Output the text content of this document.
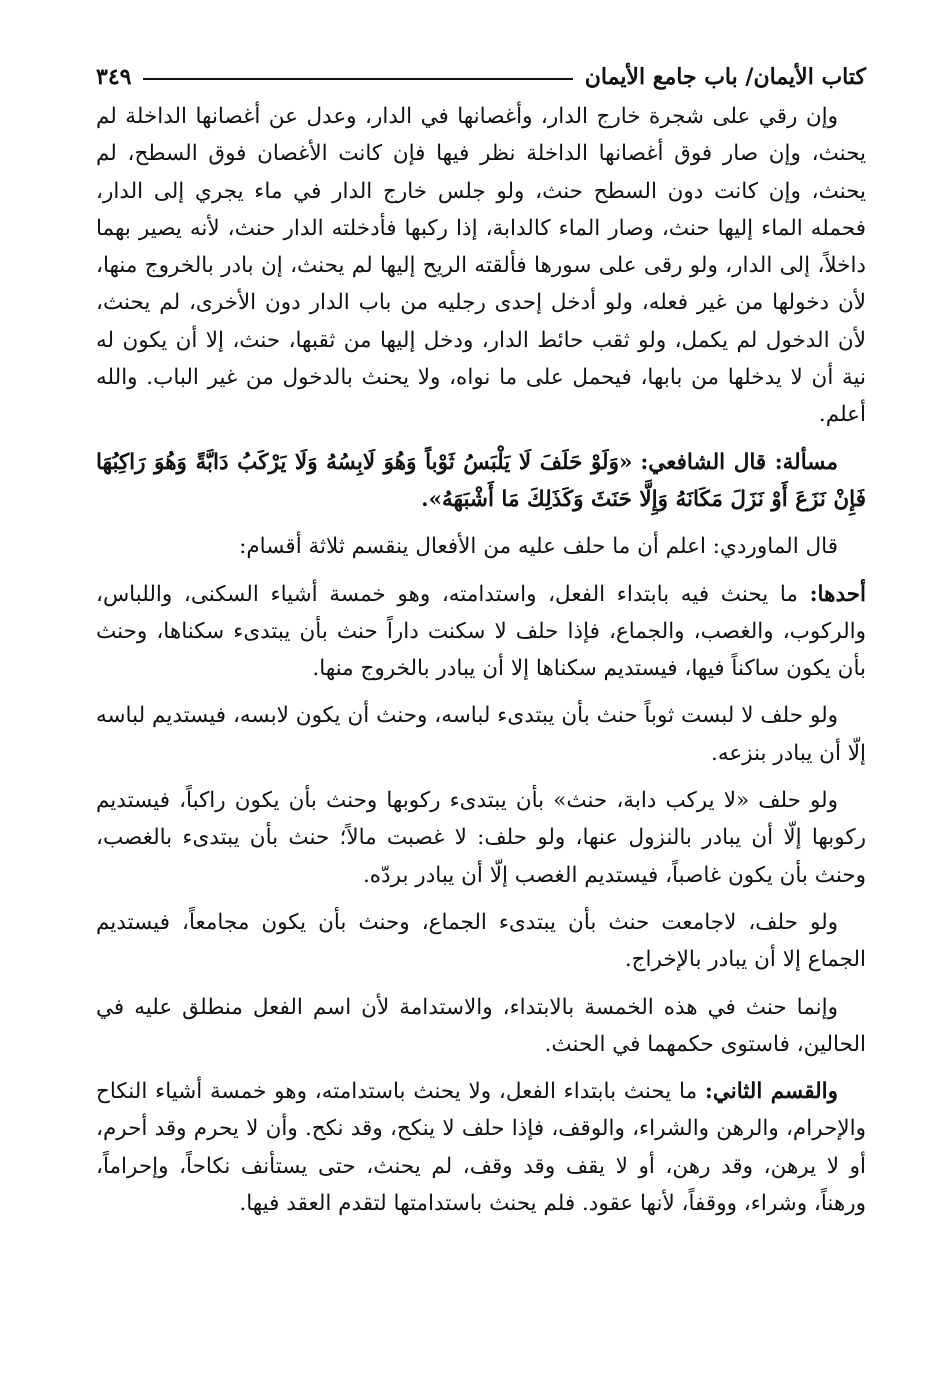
كتاب الأيمان/ باب جامع الأيمان
٣٤٩

وإن رقي على شجرة خارج الدار، وأغصانها في الدار، وعدل عن أغصانها الداخلة لم يحنث، وإن صار فوق أغصانها الداخلة نظر فيها فإن كانت الأغصان فوق السطح، لم يحنث، وإن كانت دون السطح حنث، ولو جلس خارج الدار في ماء يجري إلى الدار، فحمله الماء إليها حنث، وصار الماء كالدابة، إذا ركبها فأدخلته الدار حنث، لأنه يصير بهما داخلاً، إلى الدار، ولو رقى على سورها فألقته الريح إليها لم يحنث، إن بادر بالخروج منها، لأن دخولها من غير فعله، ولو أدخل إحدى رجليه من باب الدار دون الأخرى، لم يحنث، لأن الدخول لم يكمل، ولو ثقب حائط الدار، ودخل إليها من ثقبها، حنث، إلا أن يكون له نية أن لا يدخلها من بابها، فيحمل على ما نواه، ولا يحنث بالدخول من غير الباب. والله أعلم.

مسألة: قال الشافعي: «وَلَوْ حَلَفَ لَا يَلْبَسُ ثَوْباً وَهُوَ لَابِسُهُ وَلَا يَرْكَبُ دَابَّةً وَهُوَ رَاكِبُهَا فَإِنْ نَزَعَ أَوْ نَزَلَ مَكَانَهُ وَإِلَّا حَنَثَ وَكَذَلِكَ مَا أَشْبَهَهُ».

قال الماوردي: اعلم أن ما حلف عليه من الأفعال ينقسم ثلاثة أقسام:

أحدها: ما يحنث فيه بابتداء الفعل، واستدامته، وهو خمسة أشياء السكنى، واللباس، والركوب، والغصب، والجماع، فإذا حلف لا سكنت داراً حنث بأن يبتدىء سكناها، وحنث بأن يكون ساكناً فيها، فيستديم سكناها إلا أن يبادر بالخروج منها.

ولو حلف لا لبست ثوباً حنث بأن يبتدىء لباسه، وحنث أن يكون لابسه، فيستديم لباسه إلّا أن يبادر بنزعه.

ولو حلف «لا يركب دابة، حنث» بأن يبتدىء ركوبها وحنث بأن يكون راكباً، فيستديم ركوبها إلّا أن يبادر بالنزول عنها، ولو حلف: لا غصبت مالاً؛ حنث بأن يبتدىء بالغصب، وحنث بأن يكون غاصباً، فيستديم الغصب إلّا أن يبادر بردّه.

ولو حلف، لاجامعت حنث بأن يبتدىء الجماع، وحنث بأن يكون مجامعاً، فيستديم الجماع إلا أن يبادر بالإخراج.

وإنما حنث في هذه الخمسة بالابتداء، والاستدامة لأن اسم الفعل منطلق عليه في الحالين، فاستوى حكمهما في الحنث.

والقسم الثاني: ما يحنث بابتداء الفعل، ولا يحنث باستدامته، وهو خمسة أشياء النكاح والإحرام، والرهن والشراء، والوقف، فإذا حلف لا ينكح، وقد نكح. وأن لا يحرم وقد أحرم، أو لا يرهن، وقد رهن، أو لا يقف وقد وقف، لم يحنث، حتى يستأنف نكاحاً، وإحراماً، ورهناً، وشراء، ووقفاً، لأنها عقود. فلم يحنث باستدامتها لتقدم العقد فيها.
